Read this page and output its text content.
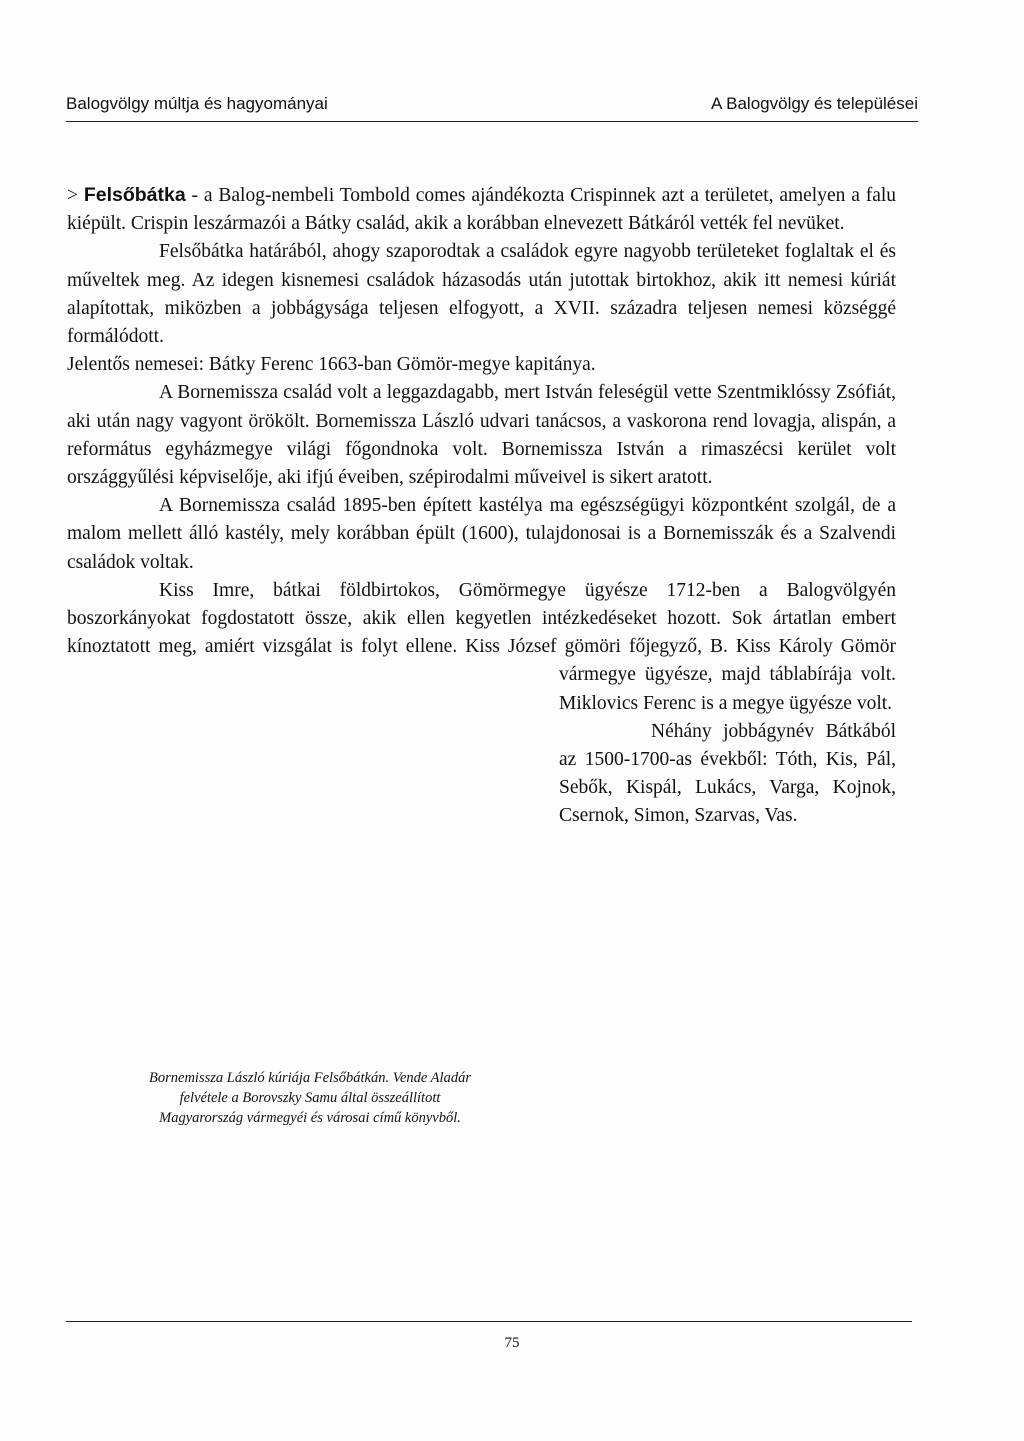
Balogvölgy múltja és hagyományai	A Balogvölgy és települései

> Felsőbátka - a Balog-nembeli Tombold comes ajándékozta Crispinnek azt a területet, amelyen a falu kiépült. Crispin leszármazói a Bátky család, akik a korábban elnevezett Bátkáról vették fel nevüket.

Felsőbátka határából, ahogy szaporodtak a családok egyre nagyobb területeket foglaltak el és műveltek meg. Az idegen kisnemesi családok házasodás után jutottak birtokhoz, akik itt nemesi kúriát alapítottak, miközben a jobbágysága teljesen elfogyott, a XVII. századra teljesen nemesi községgé formálódott.

Jelentős nemesei: Bátky Ferenc 1663-ban Gömör-megye kapitánya.

A Bornemissza család volt a leggazdagabb, mert István feleségül vette Szentmiklóssy Zsófiát, aki után nagy vagyont örökölt. Bornemissza László udvari tanácsos, a vaskorona rend lovagja, alispán, a református egyházmegye világi főgondnoka volt. Bornemissza István a rimaszécsi kerület volt országgyűlési képviselője, aki ifjú éveiben, szépirodalmi műveivel is sikert aratott.

A Bornemissza család 1895-ben épített kastélya ma egészségügyi központként szolgál, de a malom mellett álló kastély, mely korábban épült (1600), tulajdonosai is a Bornemisszák és a Szalvendi családok voltak.

Kiss Imre, bátkai földbirtokos, Gömörmegye ügyésze 1712-ben a Balogvölgyén boszorkányokat fogdostatott össze, akik ellen kegyetlen intézkedéseket hozott. Sok ártatlan embert kínoztatott meg, amiért vizsgálat is folyt ellene. Kiss József gömöri főjegyző, B. Kiss Károly Gömör vármegye ügyésze, majd táblabírája volt. Miklovics Ferenc is a megye ügyésze volt.

Néhány jobbágynév Bátkából az 1500-1700-as évekből: Tóth, Kis, Pál, Sebők, Kispál, Lukács, Varga, Kojnok, Csernok, Simon, Szarvas, Vas.

Bornemissza László kúriája Felsőbátkán. Vende Aladár
felvétele a Borovszky Samu által összeállított
Magyarország vármegyéi és városai című könyvből.
75
